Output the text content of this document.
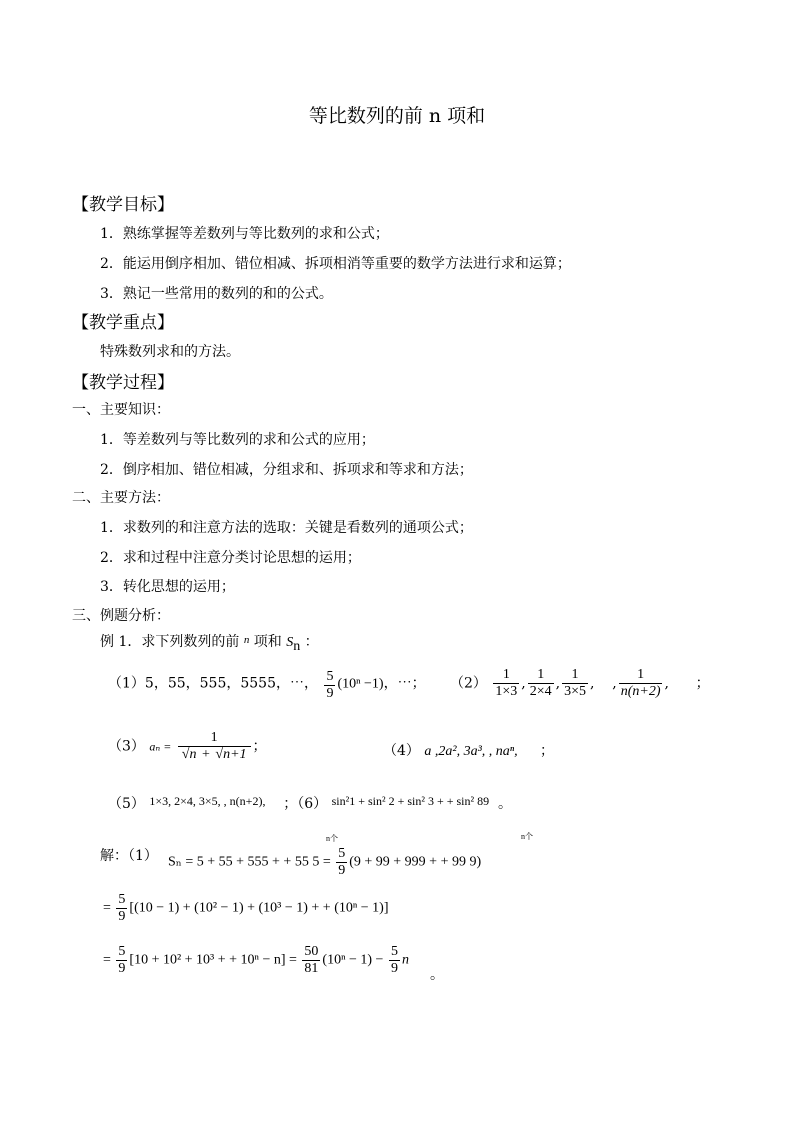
等比数列的前 n 项和
【教学目标】
1．熟练掌握等差数列与等比数列的求和公式；
2．能运用倒序相加、错位相减、拆项相消等重要的数学方法进行求和运算；
3．熟记一些常用的数列的和的公式。
【教学重点】
特殊数列求和的方法。
【教学过程】
一、主要知识：
1．等差数列与等比数列的求和公式的应用；
2．倒序相加、错位相减，分组求和、拆项求和等求和方法；
二、主要方法：
1．求数列的和注意方法的选取：关键是看数列的通项公式；
2．求和过程中注意分类讨论思想的运用；
3．转化思想的运用；
三、例题分析：
例 1．求下列数列的前 $^n$ 项和 $S_n$ ：
（1）5，55，555，5555，⋯， $\frac{5}{9} (10^n -1)$，⋯； $(2) \frac{1}{1\times 3}$ , $\frac{1}{2\times 4}$ , $\frac{1}{3\times 5}$ ,    , $\frac{1}{n(n+2)}$ ,      ；
（3） $a_n = \frac{1}{√n + √n+1}$ ；	（4） a ,2a², 3a³, , naⁿ, ；
（5） 1×3, 2×4, 3×5, , n(n+2), ；（6） sin²1 + sin² 2 + sin² 3 + + sin² 89 。
n个	n个
解：（1） Sₙ = 5 + 55 + 555 + + 55 $5 = \frac{5}{9} (9 + 99 + 999$ + + 99 9)
= $\frac{5}{9} [(10 - 1) + (10^2 - 1) + (10^3 - 1)$ + + (10ⁿ − 1)]
= $\frac{5}{9} [10 + 10^2 + 10^3$ + + $10^n - n] = \frac{50}{81} (10^n - 1) - \frac{5}{9}$ n
。
